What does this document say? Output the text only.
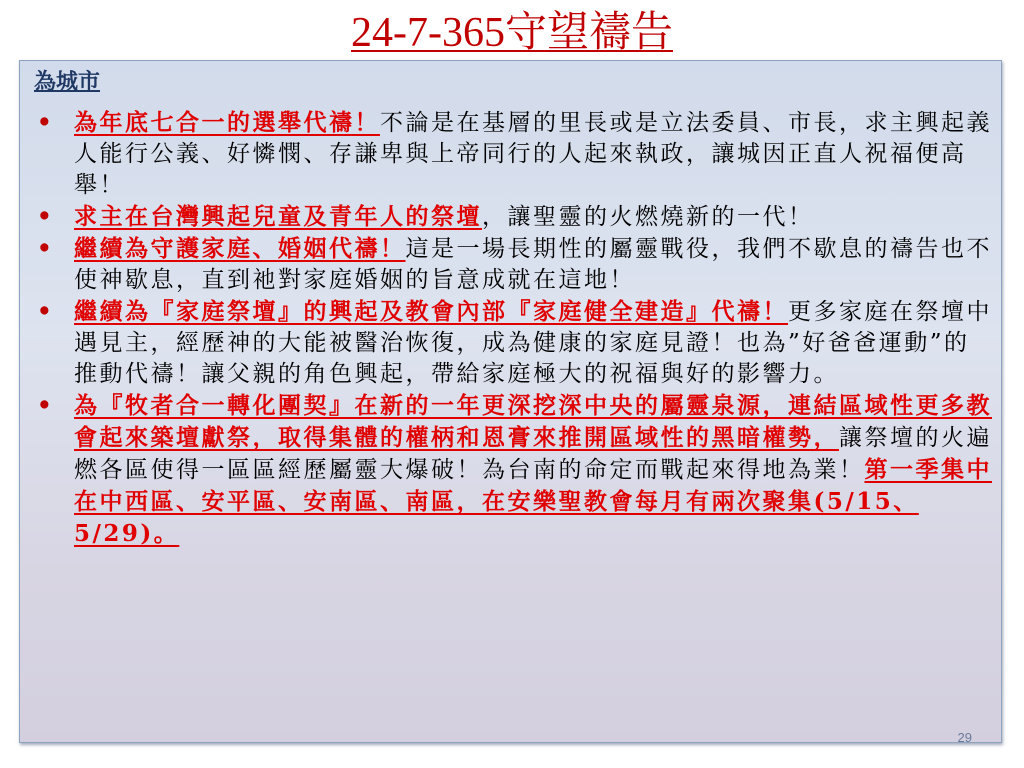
24-7-365守望禱告
為城市
• 為年底七合一的選舉代禱！不論是在基層的里長或是立法委員、市長，求主興起義人能行公義、好憐憫、存謙卑與上帝同行的人起來執政，讓城因正直人祝福便高舉！
• 求主在台灣興起兒童及青年人的祭壇，讓聖靈的火燃燒新的一代！
• 繼續為守護家庭、婚姻代禱！這是一場長期性的屬靈戰役，我們不歇息的禱告也不使神歇息，直到祂對家庭婚姻的旨意成就在這地！
• 繼續為『家庭祭壇』的興起及教會內部『家庭健全建造』代禱！更多家庭在祭壇中遇見主，經歷神的大能被醫治恢復，成為健康的家庭見證！也為”好爸爸運動”的推動代禱！讓父親的角色興起，帶給家庭極大的祝福與好的影響力。
• 為『牧者合一轉化團契』在新的一年更深挖深中央的屬靈泉源，連結區域性更多教會起來築壇獻祭，取得集體的權柄和恩膏來推開區域性的黑暗權勢，讓祭壇的火遍燃各區使得一區區經歷屬靈大爆破！為台南的命定而戰起來得地為業！第一季集中在中西區、安平區、安南區、南區，在安樂聖教會每月有兩次聚集(5/15、5/29)。
29
